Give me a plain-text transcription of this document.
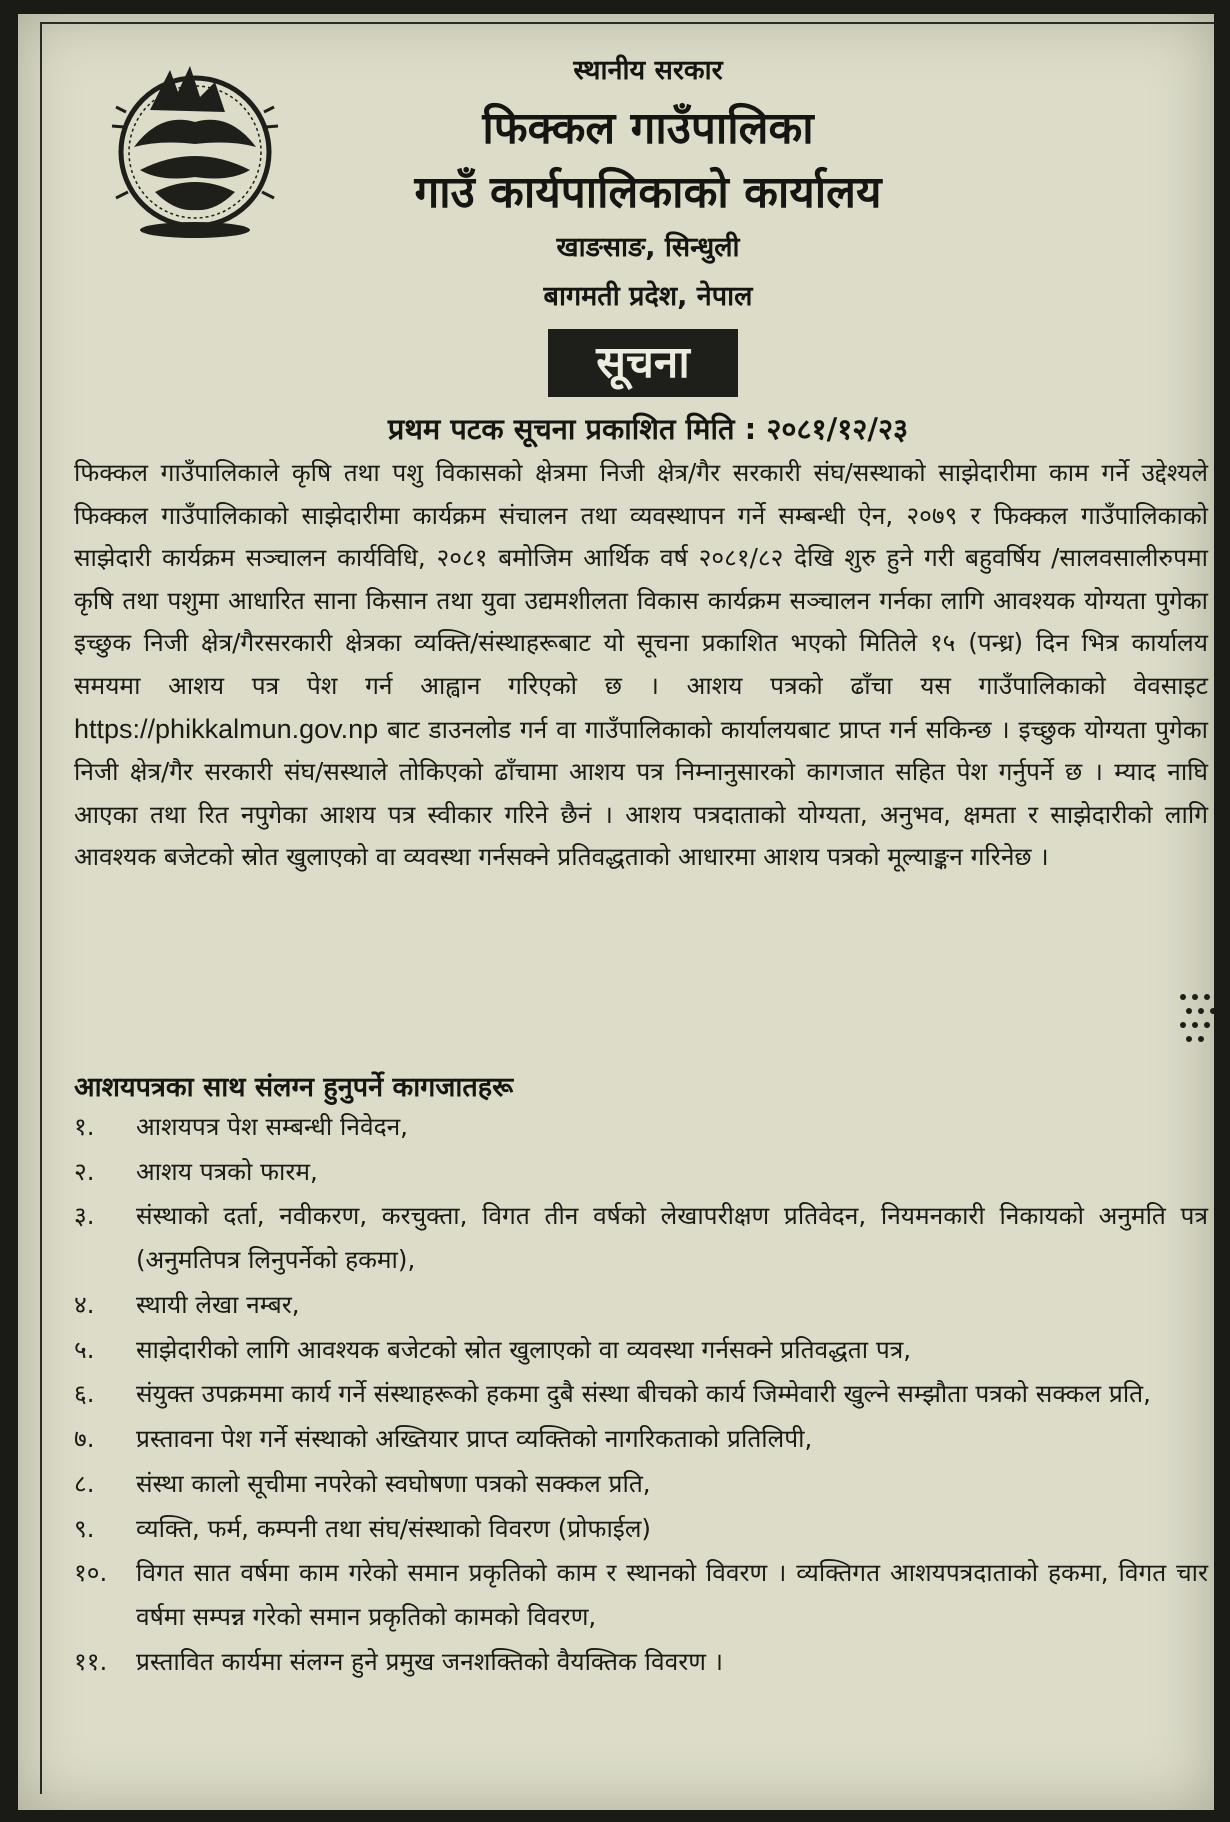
स्थानीय सरकार
फिक्कल गाउँपालिका
गाउँ कार्यपालिकाको कार्यालय
खाङसाङ, सिन्धुली
बागमती प्रदेश, नेपाल
सूचना
प्रथम पटक सूचना प्रकाशित मिति : २०८१/१२/२३
फिक्कल गाउँपालिकाले कृषि तथा पशु विकासको क्षेत्रमा निजी क्षेत्र/गैर सरकारी संघ/सस्थाको साझेदारीमा काम गर्ने उद्देश्यले फिक्कल गाउँपालिकाको साझेदारीमा कार्यक्रम संचालन तथा व्यवस्थापन गर्ने सम्बन्धी ऐन, २०७९ र फिक्कल गाउँपालिकाको साझेदारी कार्यक्रम सञ्चालन कार्यविधि, २०८१ बमोजिम आर्थिक वर्ष २०८१/८२ देखि शुरु हुने गरी बहुवर्षिय /सालवसालीरुपमा कृषि तथा पशुमा आधारित साना किसान तथा युवा उद्यमशीलता विकास कार्यक्रम सञ्चालन गर्नका लागि आवश्यक योग्यता पुगेका इच्छुक निजी क्षेत्र/गैरसरकारी क्षेत्रका व्यक्ति/संस्थाहरूबाट यो सूचना प्रकाशित भएको मितिले १५ (पन्ध्र) दिन भित्र कार्यालय समयमा आशय पत्र पेश गर्न आह्वान गरिएको छ । आशय पत्रको ढाँचा यस गाउँपालिकाको वेवसाइट https://phikkalmun.gov.np बाट डाउनलोड गर्न वा गाउँपालिकाको कार्यालयबाट प्राप्त गर्न सकिन्छ । इच्छुक योग्यता पुगेका निजी क्षेत्र/गैर सरकारी संघ/सस्थाले तोकिएको ढाँचामा आशय पत्र निम्नानुसारको कागजात सहित पेश गर्नुपर्ने छ । म्याद नाघि आएका तथा रित नपुगेका आशय पत्र स्वीकार गरिने छैनं । आशय पत्रदाताको योग्यता, अनुभव, क्षमता र साझेदारीको लागि आवश्यक बजेटको स्रोत खुलाएको वा व्यवस्था गर्नसक्ने प्रतिवद्धताको आधारमा आशय पत्रको मूल्याङ्कन गरिनेछ ।
आशयपत्रका साथ संलग्न हुनुपर्ने कागजातहरू
१. आशयपत्र पेश सम्बन्धी निवेदन,
२. आशय पत्रको फारम,
३. संस्थाको दर्ता, नवीकरण, करचुक्ता, विगत तीन वर्षको लेखापरीक्षण प्रतिवेदन, नियमनकारी निकायको अनुमति पत्र (अनुमतिपत्र लिनुपर्नेको हकमा),
४. स्थायी लेखा नम्बर,
५. साझेदारीको लागि आवश्यक बजेटको स्रोत खुलाएको वा व्यवस्था गर्नसक्ने प्रतिवद्धता पत्र,
६. संयुक्त उपक्रममा कार्य गर्ने संस्थाहरूको हकमा दुबै संस्था बीचको कार्य जिम्मेवारी खुल्ने सम्झौता पत्रको सक्कल प्रति,
७. प्रस्तावना पेश गर्ने संस्थाको अख्तियार प्राप्त व्यक्तिको नागरिकताको प्रतिलिपी,
८. संस्था कालो सूचीमा नपरेको स्वघोषणा पत्रको सक्कल प्रति,
९. व्यक्ति, फर्म, कम्पनी तथा संघ/संस्थाको विवरण (प्रोफाईल)
१०. विगत सात वर्षमा काम गरेको समान प्रकृतिको काम र स्थानको विवरण । व्यक्तिगत आशयपत्रदाताको हकमा, विगत चार वर्षमा सम्पन्न गरेको समान प्रकृतिको कामको विवरण,
११. प्रस्तावित कार्यमा संलग्न हुने प्रमुख जनशक्तिको वैयक्तिक विवरण ।
